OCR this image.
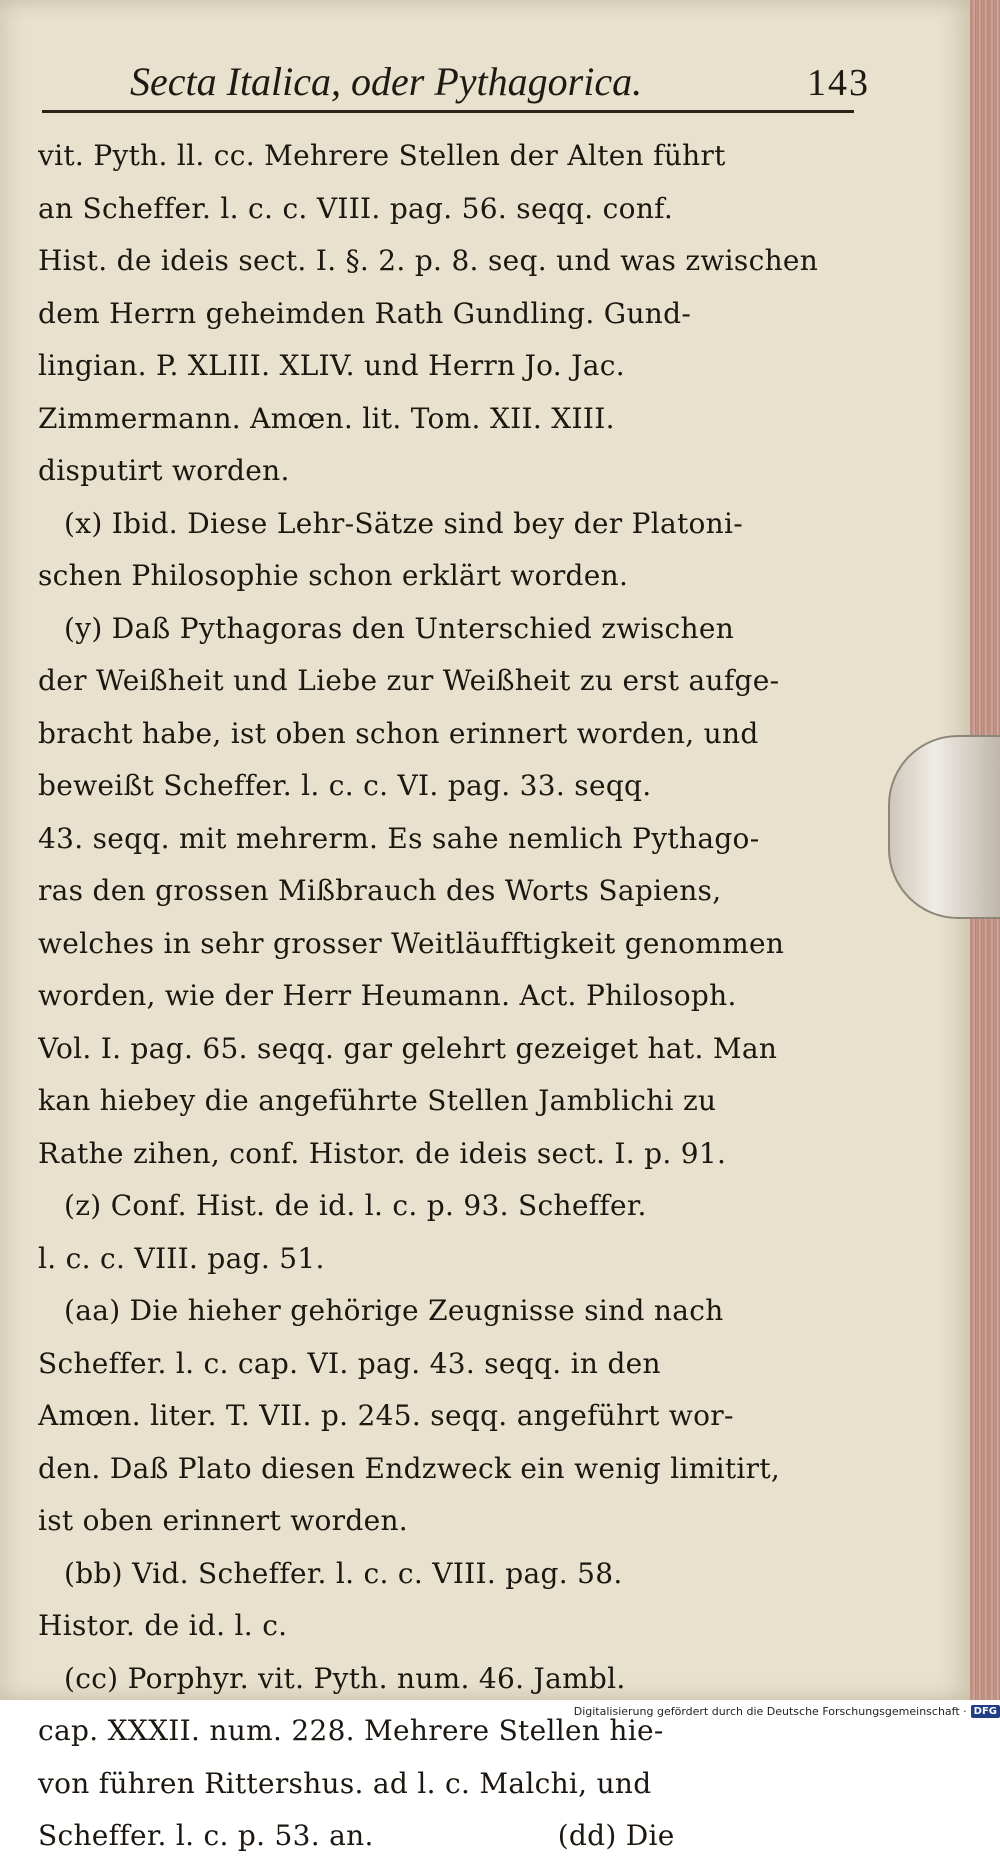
Secta Italica, oder Pythagorica.	143
vit. Pyth. ll. cc. Mehrere Stellen der Alten führt
an Scheffer. l. c. c. VIII. pag. 56. seqq. conf.
Hist. de ideis sect. I. §. 2. p. 8. seq. und was zwischen
dem Herrn geheimden Rath Gundling. Gund-
lingian. P. XLIII. XLIV. und Herrn Jo. Jac.
Zimmermann. Amœn. lit. Tom. XII. XIII.
disputirt worden.
(x) Ibid. Diese Lehr-Sätze sind bey der Platoni-
schen Philosophie schon erklärt worden.
(y) Daß Pythagoras den Unterschied zwischen
der Weißheit und Liebe zur Weißheit zu erst aufge-
bracht habe, ist oben schon erinnert worden, und
beweißt Scheffer. l. c. c. VI. pag. 33. seqq.
43. seqq. mit mehrerm. Es sahe nemlich Pythago-
ras den grossen Mißbrauch des Worts Sapiens,
welches in sehr grosser Weitläufftigkeit genommen
worden, wie der Herr Heumann. Act. Philosoph.
Vol. I. pag. 65. seqq. gar gelehrt gezeiget hat. Man
kan hiebey die angeführte Stellen Jamblichi zu
Rathe zihen, conf. Histor. de ideis sect. I. p. 91.
(z) Conf. Hist. de id. l. c. p. 93. Scheffer.
l. c. c. VIII. pag. 51.
(aa) Die hieher gehörige Zeugnisse sind nach
Scheffer. l. c. cap. VI. pag. 43. seqq. in den
Amœn. liter. T. VII. p. 245. seqq. angeführt wor-
den. Daß Plato diesen Endzweck ein wenig limitirt,
ist oben erinnert worden.
(bb) Vid. Scheffer. l. c. c. VIII. pag. 58.
Histor. de id. l. c.
(cc) Porphyr. vit. Pyth. num. 46. Jambl.
cap. XXXII. num. 228. Mehrere Stellen hie-
von führen Rittershus. ad l. c. Malchi, und
Scheffer. l. c. p. 53. an.                    (dd) Die
Digitalisierung gefördert durch die Deutsche Forschungsgemeinschaft · DFG
